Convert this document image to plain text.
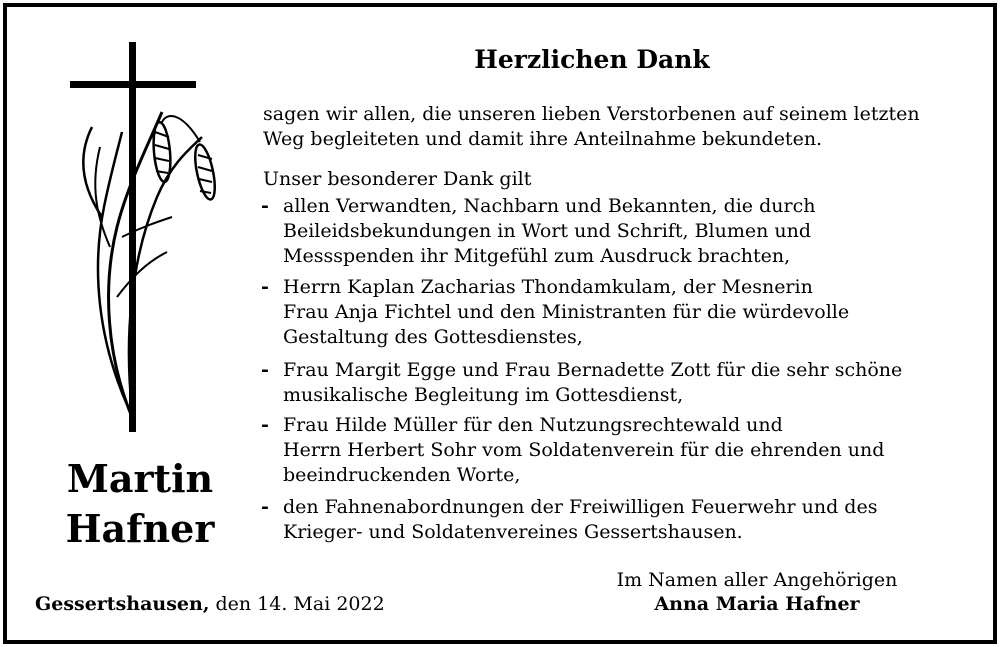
Martin
Hafner
Herzlichen Dank
sagen wir allen, die unseren lieben Verstorbenen auf seinem letzten
Weg begleiteten und damit ihre Anteilnahme bekundeten.
Unser besonderer Dank gilt
- allen Verwandten, Nachbarn und Bekannten, die durch
Beileidsbekundungen in Wort und Schrift, Blumen und
Messspenden ihr Mitgefühl zum Ausdruck brachten,
- Herrn Kaplan Zacharias Thondamkulam, der Mesnerin
Frau Anja Fichtel und den Ministranten für die würdevolle
Gestaltung des Gottesdienstes,
- Frau Margit Egge und Frau Bernadette Zott für die sehr schöne
musikalische Begleitung im Gottesdienst,
- Frau Hilde Müller für den Nutzungsrechtewald und
Herrn Herbert Sohr vom Soldatenverein für die ehrenden und
beeindruckenden Worte,
- den Fahnenabordnungen der Freiwilligen Feuerwehr und des
Krieger- und Soldatenvereines Gessertshausen.
Gessertshausen, den 14. Mai 2022
Im Namen aller Angehörigen
Anna Maria Hafner
